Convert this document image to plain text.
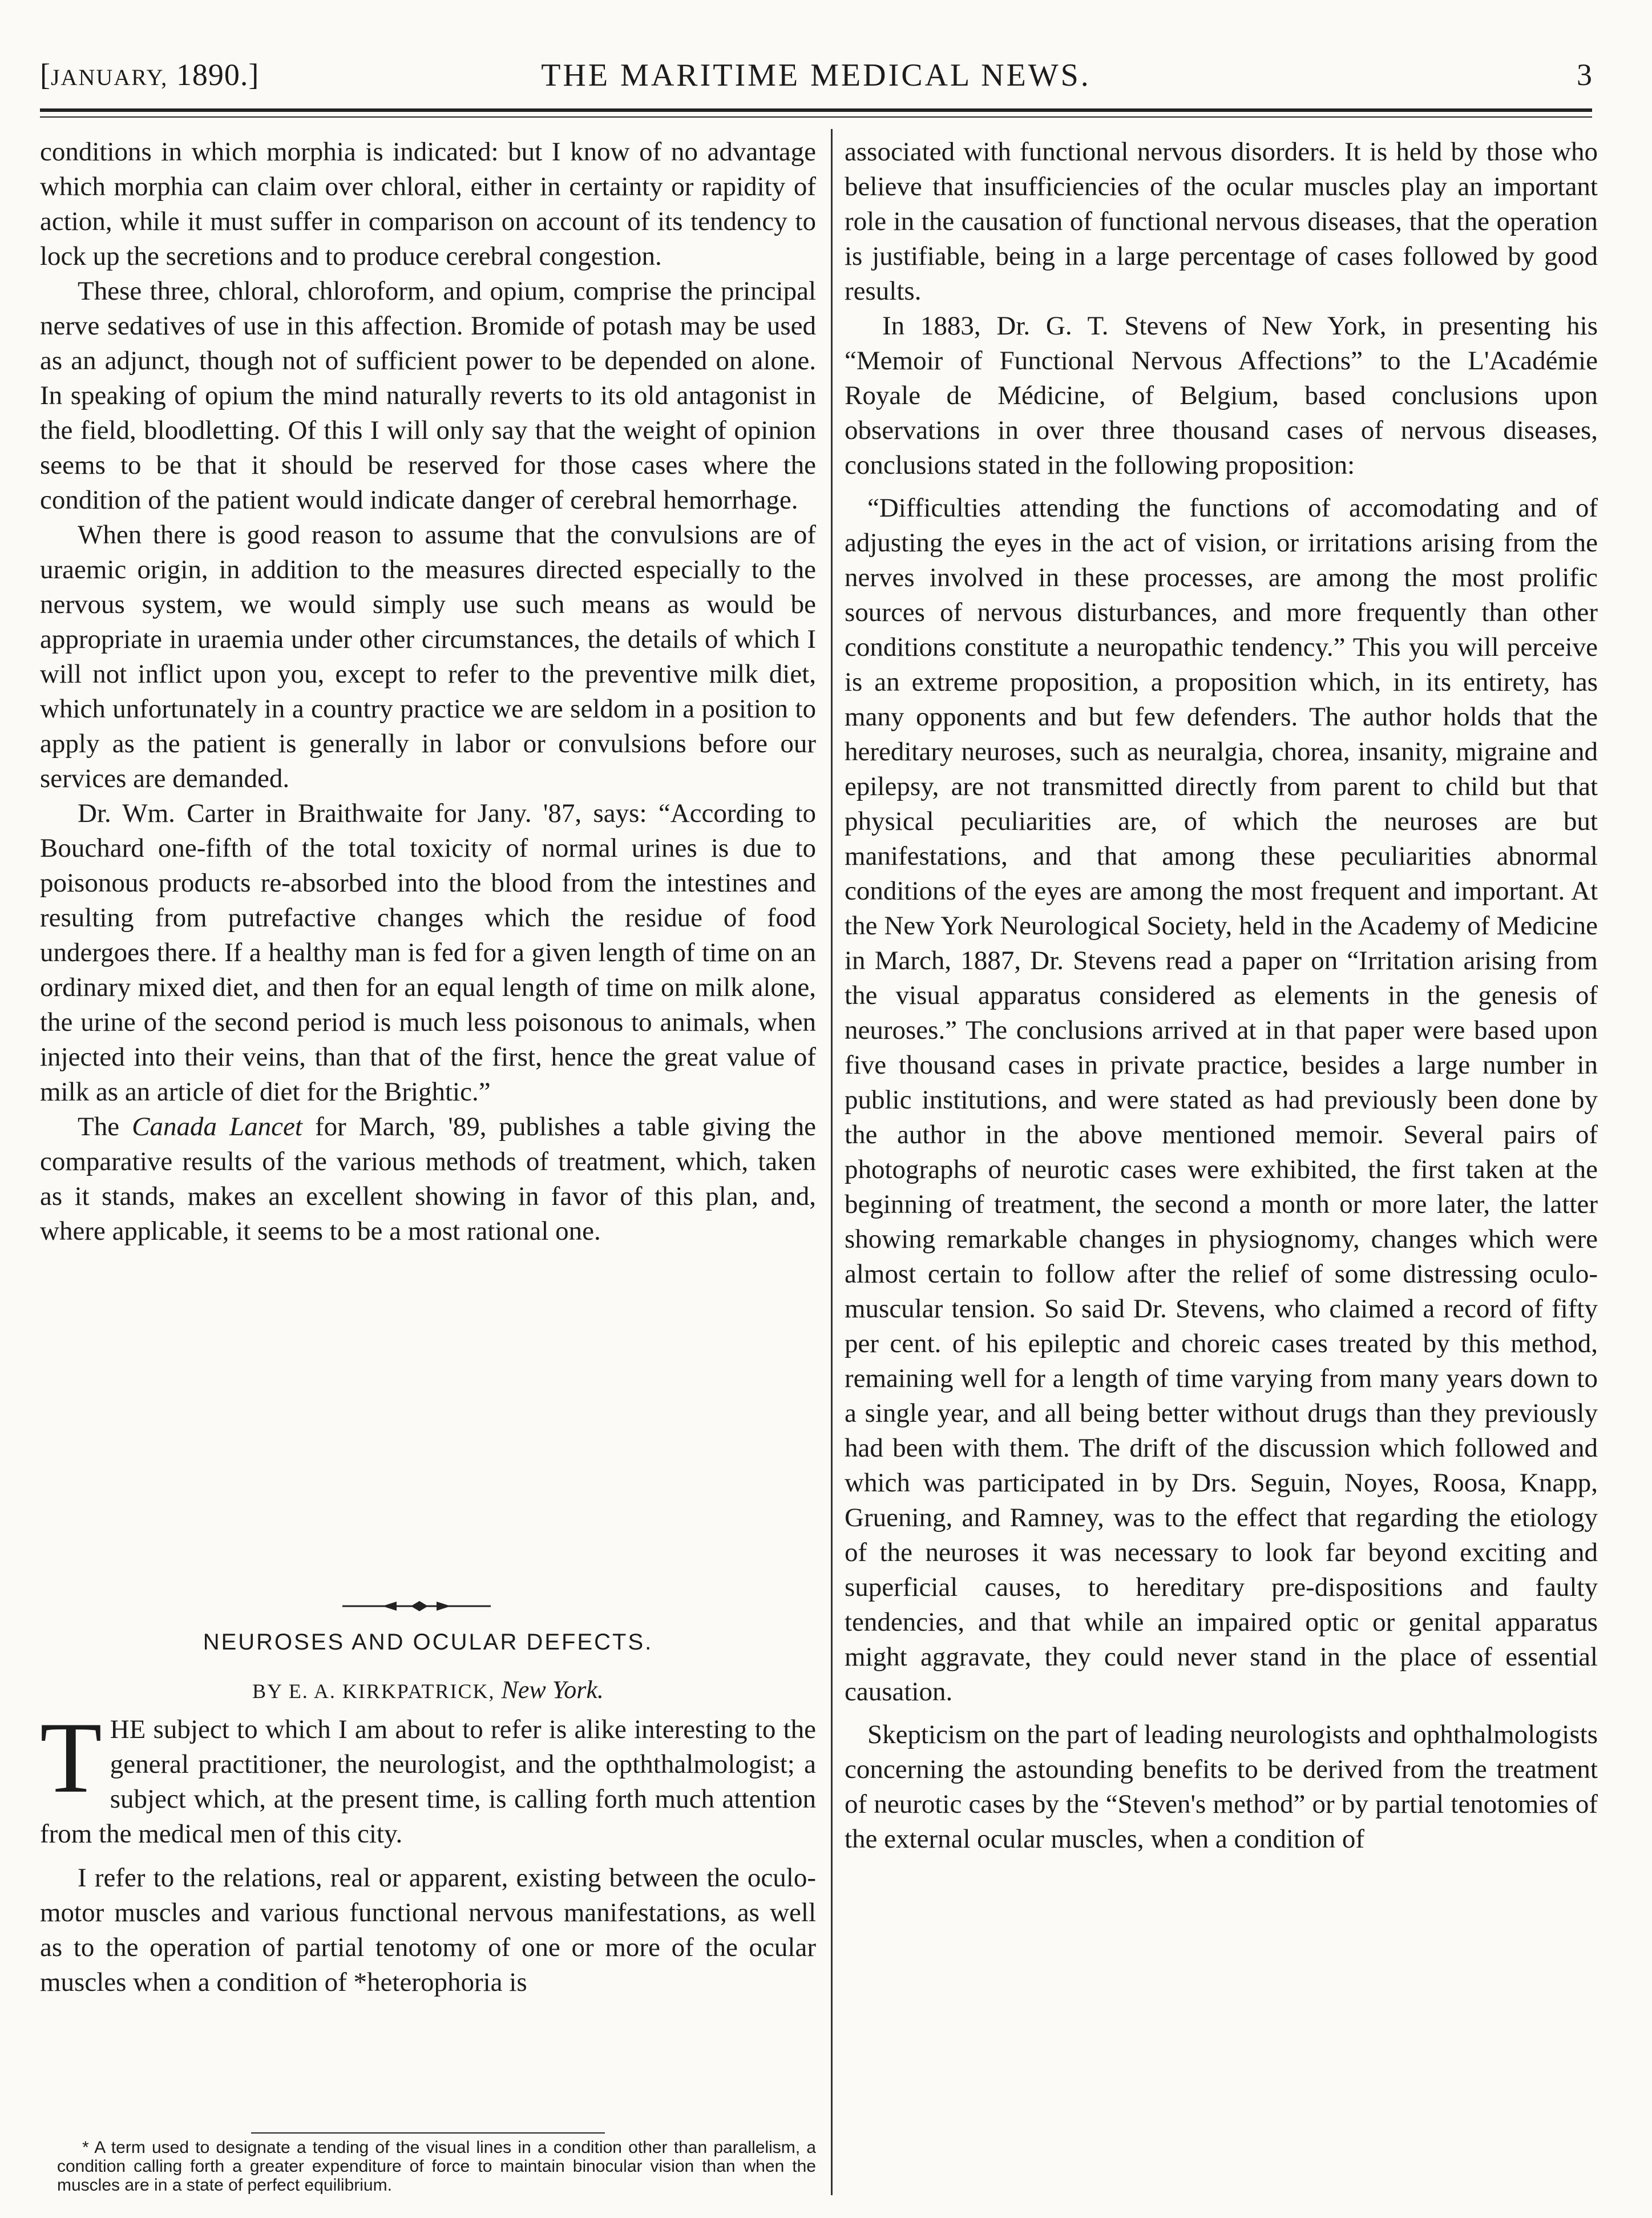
[JANUARY, 1890.]	THE MARITIME MEDICAL NEWS.	3

conditions in which morphia is indicated: but I know of no advantage which morphia can claim over chloral, either in certainty or rapidity of action, while it must suffer in comparison on account of its tendency to lock up the secretions and to produce cerebral congestion.

These three, chloral, chloroform, and opium, comprise the principal nerve sedatives of use in this affection. Bromide of potash may be used as an adjunct, though not of sufficient power to be depended on alone. In speaking of opium the mind naturally reverts to its old antagonist in the field, bloodletting. Of this I will only say that the weight of opinion seems to be that it should be reserved for those cases where the condition of the patient would indicate danger of cerebral hemorrhage.

When there is good reason to assume that the convulsions are of uraemic origin, in addition to the measures directed especially to the nervous system, we would simply use such means as would be appropriate in uraemia under other circumstances, the details of which I will not inflict upon you, except to refer to the preventive milk diet, which unfortunately in a country practice we are seldom in a position to apply as the patient is generally in labor or convulsions before our services are demanded.

Dr. Wm. Carter in Braithwaite for Jany. '87, says: “According to Bouchard one-fifth of the total toxicity of normal urines is due to poisonous products re-absorbed into the blood from the intestines and resulting from putrefactive changes which the residue of food undergoes there. If a healthy man is fed for a given length of time on an ordinary mixed diet, and then for an equal length of time on milk alone, the urine of the second period is much less poisonous to animals, when injected into their veins, than that of the first, hence the great value of milk as an article of diet for the Brightic.”

The Canada Lancet for March, '89, publishes a table giving the comparative results of the various methods of treatment, which, taken as it stands, makes an excellent showing in favor of this plan, and, where applicable, it seems to be a most rational one.

NEUROSES AND OCULAR DEFECTS.
BY E. A. KIRKPATRICK, New York.

THE subject to which I am about to refer is alike interesting to the general practitioner, the neurologist, and the opththalmologist; a subject which, at the present time, is calling forth much attention from the medical men of this city.

I refer to the relations, real or apparent, existing between the oculo-motor muscles and various functional nervous manifestations, as well as to the operation of partial tenotomy of one or more of the ocular muscles when a condition of *heterophoria is

* A term used to designate a tending of the visual lines in a condition other than parallelism, a condition calling forth a greater expenditure of force to maintain binocular vision than when the muscles are in a state of perfect equilibrium.

associated with functional nervous disorders. It is held by those who believe that insufficiencies of the ocular muscles play an important role in the causation of functional nervous diseases, that the operation is justifiable, being in a large percentage of cases followed by good results.

In 1883, Dr. G. T. Stevens of New York, in presenting his “Memoir of Functional Nervous Affections” to the L'Académie Royale de Médicine, of Belgium, based conclusions upon observations in over three thousand cases of nervous diseases, conclusions stated in the following proposition:

“Difficulties attending the functions of accomodating and of adjusting the eyes in the act of vision, or irritations arising from the nerves involved in these processes, are among the most prolific sources of nervous disturbances, and more frequently than other conditions constitute a neuropathic tendency.” This you will perceive is an extreme proposition, a proposition which, in its entirety, has many opponents and but few defenders. The author holds that the hereditary neuroses, such as neuralgia, chorea, insanity, migraine and epilepsy, are not transmitted directly from parent to child but that physical peculiarities are, of which the neuroses are but manifestations, and that among these peculiarities abnormal conditions of the eyes are among the most frequent and important. At the New York Neurological Society, held in the Academy of Medicine in March, 1887, Dr. Stevens read a paper on “Irritation arising from the visual apparatus considered as elements in the genesis of neuroses.” The conclusions arrived at in that paper were based upon five thousand cases in private practice, besides a large number in public institutions, and were stated as had previously been done by the author in the above mentioned memoir. Several pairs of photographs of neurotic cases were exhibited, the first taken at the beginning of treatment, the second a month or more later, the latter showing remarkable changes in physiognomy, changes which were almost certain to follow after the relief of some distressing oculo-muscular tension. So said Dr. Stevens, who claimed a record of fifty per cent. of his epileptic and choreic cases treated by this method, remaining well for a length of time varying from many years down to a single year, and all being better without drugs than they previously had been with them. The drift of the discussion which followed and which was participated in by Drs. Seguin, Noyes, Roosa, Knapp, Gruening, and Ramney, was to the effect that regarding the etiology of the neuroses it was necessary to look far beyond exciting and superficial causes, to hereditary pre-dispositions and faulty tendencies, and that while an impaired optic or genital apparatus might aggravate, they could never stand in the place of essential causation.

Skepticism on the part of leading neurologists and ophthalmologists concerning the astounding benefits to be derived from the treatment of neurotic cases by the “Steven's method” or by partial tenotomies of the external ocular muscles, when a condition of
